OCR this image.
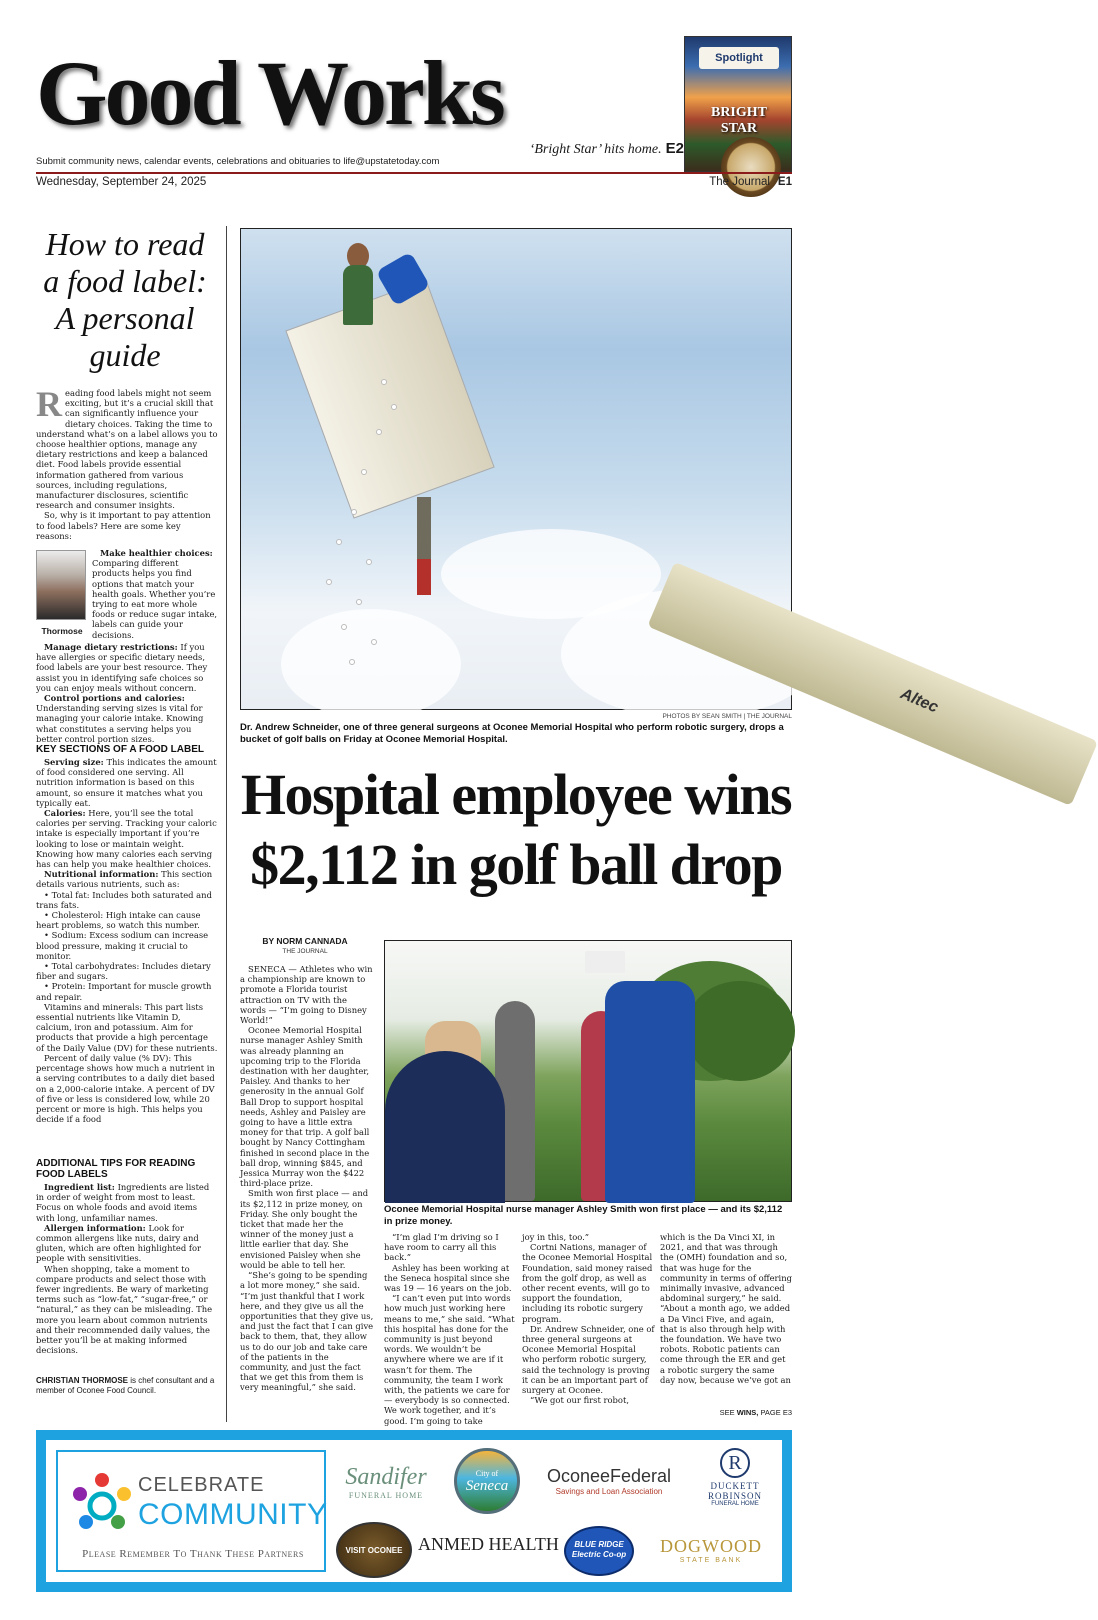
Good Works
Submit community news, calendar events, celebrations and obituaries to life@upstatetoday.com
‘Bright Star’ hits home. E2
Spotlight
BRIGHT STAR
Wednesday, September 24, 2025	The Journal E1
How to read a food label: A personal guide
Reading food labels might not seem exciting, but it’s a crucial skill that can significantly influence your dietary choices. Taking the time to understand what’s on a label allows you to choose healthier options, manage any dietary restrictions and keep a balanced diet. Food labels provide essential information gathered from various sources, including regulations, manufacturer disclosures, scientific research and consumer insights.

So, why is it important to pay attention to food labels? Here are some key reasons:

Thormose

Make healthier choices: Comparing different products helps you find options that match your health goals. Whether you’re trying to eat more whole foods or reduce sugar intake, labels can guide your decisions.

Manage dietary restrictions: If you have allergies or specific dietary needs, food labels are your best resource. They assist you in identifying safe choices so you can enjoy meals without concern.

Control portions and calories: Understanding serving sizes is vital for managing your calorie intake. Knowing what constitutes a serving helps you better control portion sizes.

KEY SECTIONS OF A FOOD LABEL

Serving size: This indicates the amount of food considered one serving. All nutrition information is based on this amount, so ensure it matches what you typically eat.

Calories: Here, you’ll see the total calories per serving. Tracking your caloric intake is especially important if you’re looking to lose or maintain weight. Knowing how many calories each serving has can help you make healthier choices.

Nutritional information: This section details various nutrients, such as:

• Total fat: Includes both saturated and trans fats.

• Cholesterol: High intake can cause heart problems, so watch this number.

• Sodium: Excess sodium can increase blood pressure, making it crucial to monitor.

• Total carbohydrates: Includes dietary fiber and sugars.

• Protein: Important for muscle growth and repair.

Vitamins and minerals: This part lists essential nutrients like Vitamin D, calcium, iron and potassium. Aim for products that provide a high percentage of the Daily Value (DV) for these nutrients.

Percent of daily value (% DV): This percentage shows how much a nutrient in a serving contributes to a daily diet based on a 2,000-calorie intake. A percent of DV of five or less is considered low, while 20 percent or more is high. This helps you decide if a food

ADDITIONAL TIPS FOR READING FOOD LABELS

Ingredient list: Ingredients are listed in order of weight from most to least. Focus on whole foods and avoid items with long, unfamiliar names.

Allergen information: Look for common allergens like nuts, dairy and gluten, which are often highlighted for people with sensitivities.

When shopping, take a moment to compare products and select those with fewer ingredients. Be wary of marketing terms such as “low-fat,” “sugar-free,” or “natural,” as they can be misleading. The more you learn about common nutrients and their recommended daily values, the better you’ll be at making informed decisions.

CHRISTIAN THORMOSE is chef consultant and a member of Oconee Food Council.
Altec
PHOTOS BY SEAN SMITH | THE JOURNAL
Dr. Andrew Schneider, one of three general surgeons at Oconee Memorial Hospital who perform robotic surgery, drops a bucket of golf balls on Friday at Oconee Memorial Hospital.
Hospital employee wins $2,112 in golf ball drop
BY NORM CANNADA
THE JOURNAL

SENECA — Athletes who win a championship are known to promote a Florida tourist attraction on TV with the words — “I’m going to Disney World!”

Oconee Memorial Hospital nurse manager Ashley Smith was already planning an upcoming trip to the Florida destination with her daughter, Paisley. And thanks to her generosity in the annual Golf Ball Drop to support hospital needs, Ashley and Paisley are going to have a little extra money for that trip. A golf ball bought by Nancy Cottingham finished in second place in the ball drop, winning $845, and Jessica Murray won the $422 third-place prize.

Smith won first place — and its $2,112 in prize money, on Friday. She only bought the ticket that made her the winner of the money just a little earlier that day. She envisioned Paisley when she would be able to tell her.

“She’s going to be spending a lot more money,” she said. “I’m just thankful that I work here, and they give us all the opportunities that they give us, and just the fact that I can give back to them, that, they allow us to do our job and take care of the patients in the community, and just the fact that we get this from them is very meaningful,” she said.

Oconee Memorial Hospital nurse manager Ashley Smith won first place — and its $2,112 in prize money.

“I’m glad I’m driving so I have room to carry all this back.”

Ashley has been working at the Seneca hospital since she was 19 — 16 years on the job.

“I can’t even put into words how much just working here means to me,” she said. “What this hospital has done for the community is just beyond words. We wouldn’t be anywhere where we are if it wasn’t for them. The community, the team I work with, the patients we care for — everybody is so connected. We work together, and it’s good. I’m going to take

joy in this, too.”

Cortni Nations, manager of the Oconee Memorial Hospital Foundation, said money raised from the golf drop, as well as other recent events, will go to support the foundation, including its robotic surgery program.

Dr. Andrew Schneider, one of three general surgeons at Oconee Memorial Hospital who perform robotic surgery, said the technology is proving it can be an important part of surgery at Oconee.

“We got our first robot,

which is the Da Vinci XI, in 2021, and that was through the (OMH) foundation and so, that was huge for the community in terms of offering minimally invasive, advanced abdominal surgery,” he said. “About a month ago, we added a Da Vinci Five, and again, that is also through help with the foundation. We have two robots. Robotic patients can come through the ER and get a robotic surgery the same day now, because we’ve got an

SEE WINS, PAGE E3
CELEBRATE
COMMUNITY
Please Remember To Thank These Partners
Sandifer
FUNERAL HOME
City of
Seneca	OconeeFederal
Savings and Loan Association
R
DUCKETT ROBINSON
FUNERAL HOME
VISIT OCONEE ANMED HEALTH	BLUE RIDGE Electric Co-op	DOGWOOD
STATE BANK
